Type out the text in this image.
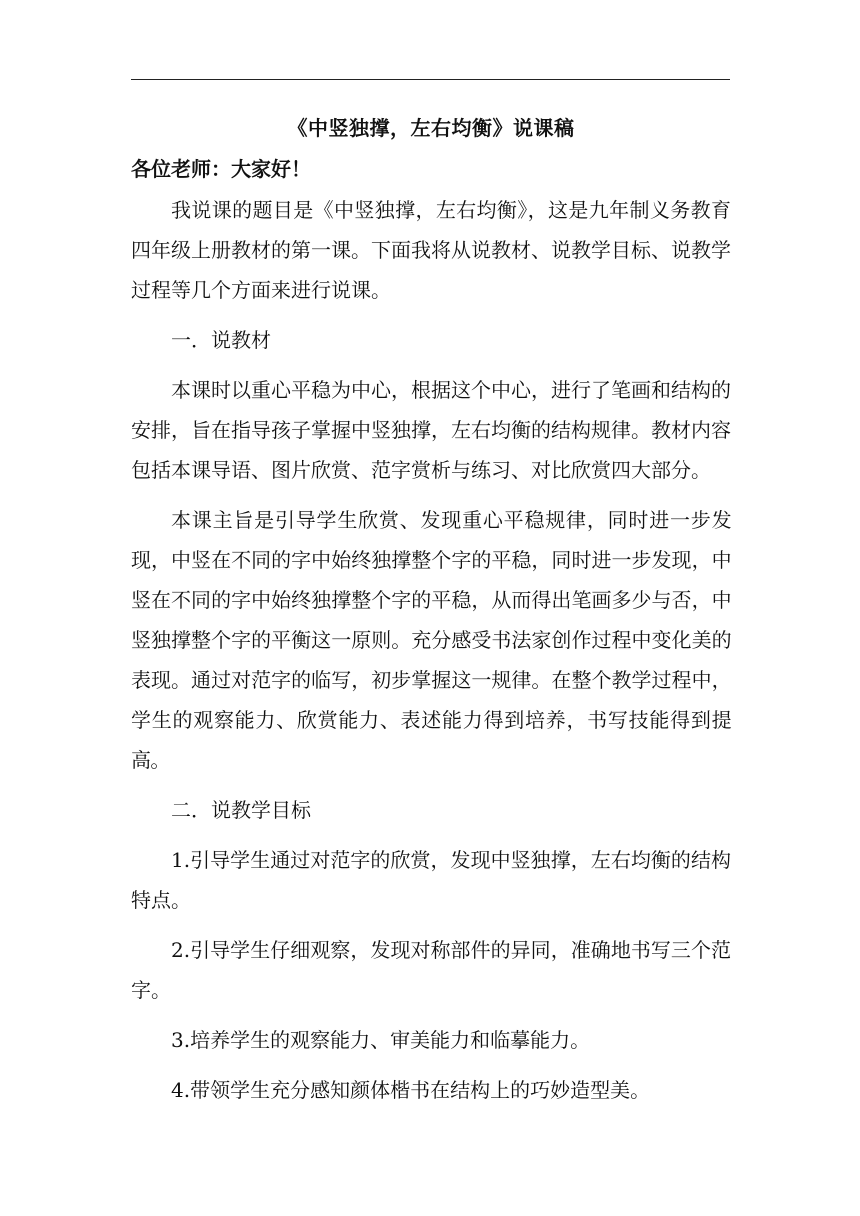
《中竖独撑，左右均衡》说课稿

各位老师：大家好！

我说课的题目是《中竖独撑，左右均衡》，这是九年制义务教育四年级上册教材的第一课。下面我将从说教材、说教学目标、说教学过程等几个方面来进行说课。

一．说教材

本课时以重心平稳为中心，根据这个中心，进行了笔画和结构的安排，旨在指导孩子掌握中竖独撑，左右均衡的结构规律。教材内容包括本课导语、图片欣赏、范字赏析与练习、对比欣赏四大部分。

本课主旨是引导学生欣赏、发现重心平稳规律，同时进一步发现，中竖在不同的字中始终独撑整个字的平稳，同时进一步发现，中竖在不同的字中始终独撑整个字的平稳，从而得出笔画多少与否，中竖独撑整个字的平衡这一原则。充分感受书法家创作过程中变化美的表现。通过对范字的临写，初步掌握这一规律。在整个教学过程中，学生的观察能力、欣赏能力、表述能力得到培养，书写技能得到提高。

二．说教学目标

1.引导学生通过对范字的欣赏，发现中竖独撑，左右均衡的结构特点。

2.引导学生仔细观察，发现对称部件的异同，准确地书写三个范字。

3.培养学生的观察能力、审美能力和临摹能力。

4.带领学生充分感知颜体楷书在结构上的巧妙造型美。
